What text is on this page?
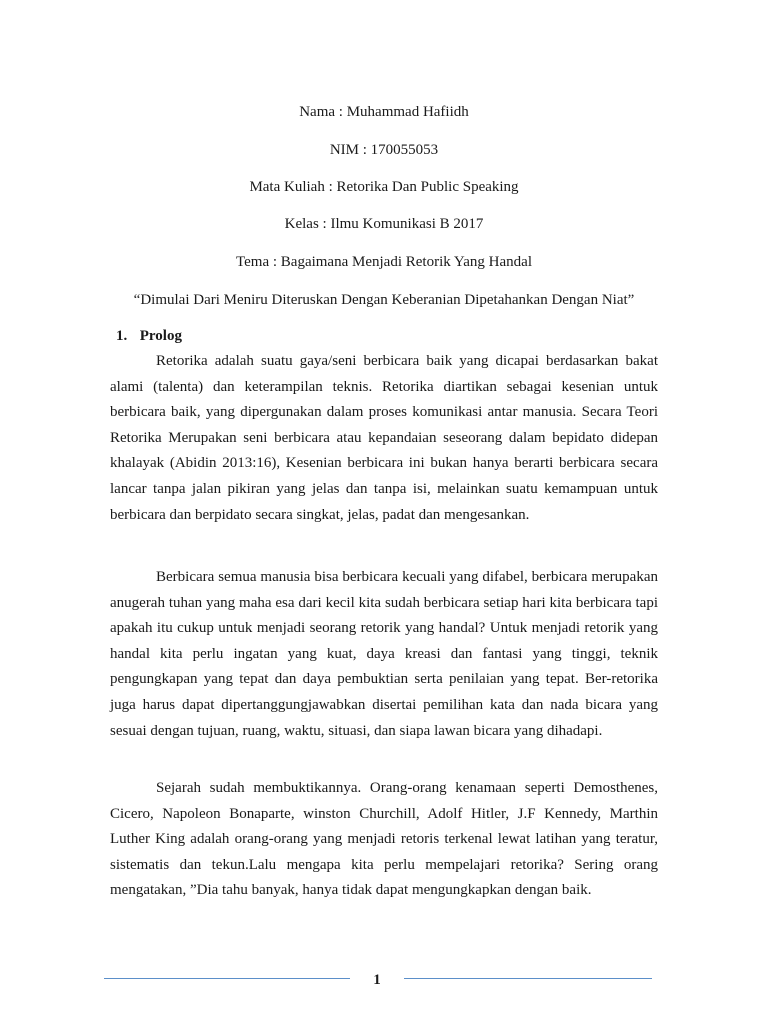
Nama : Muhammad Hafiidh
NIM : 170055053
Mata Kuliah : Retorika Dan Public Speaking
Kelas : Ilmu Komunikasi B 2017
Tema : Bagaimana Menjadi Retorik Yang Handal
“Dimulai Dari Meniru Diteruskan Dengan Keberanian Dipetahankan Dengan Niat”
1. Prolog

Retorika adalah suatu gaya/seni berbicara baik yang dicapai berdasarkan bakat alami (talenta) dan keterampilan teknis. Retorika diartikan sebagai kesenian untuk berbicara baik, yang dipergunakan dalam proses komunikasi antar manusia. Secara Teori Retorika Merupakan seni berbicara atau kepandaian seseorang dalam bepidato didepan khalayak (Abidin 2013:16), Kesenian berbicara ini bukan hanya berarti berbicara secara lancar tanpa jalan pikiran yang jelas dan tanpa isi, melainkan suatu kemampuan untuk berbicara dan berpidato secara singkat, jelas, padat dan mengesankan.

Berbicara semua manusia bisa berbicara kecuali yang difabel, berbicara merupakan anugerah tuhan yang maha esa dari kecil kita sudah berbicara setiap hari kita berbicara tapi apakah itu cukup untuk menjadi seorang retorik yang handal? Untuk menjadi retorik yang handal kita perlu ingatan yang kuat, daya kreasi dan fantasi yang tinggi, teknik pengungkapan yang tepat dan daya pembuktian serta penilaian yang tepat. Ber-retorika juga harus dapat dipertanggungjawabkan disertai pemilihan kata dan nada bicara yang sesuai dengan tujuan, ruang, waktu, situasi, dan siapa lawan bicara yang dihadapi.

Sejarah sudah membuktikannya. Orang-orang kenamaan seperti Demosthenes, Cicero, Napoleon Bonaparte, winston Churchill, Adolf Hitler, J.F Kennedy, Marthin Luther King adalah orang-orang yang menjadi retoris terkenal lewat latihan yang teratur, sistematis dan tekun.Lalu mengapa kita perlu mempelajari retorika? Sering orang mengatakan, ”Dia tahu banyak, hanya tidak dapat mengungkapkan dengan baik.

1
